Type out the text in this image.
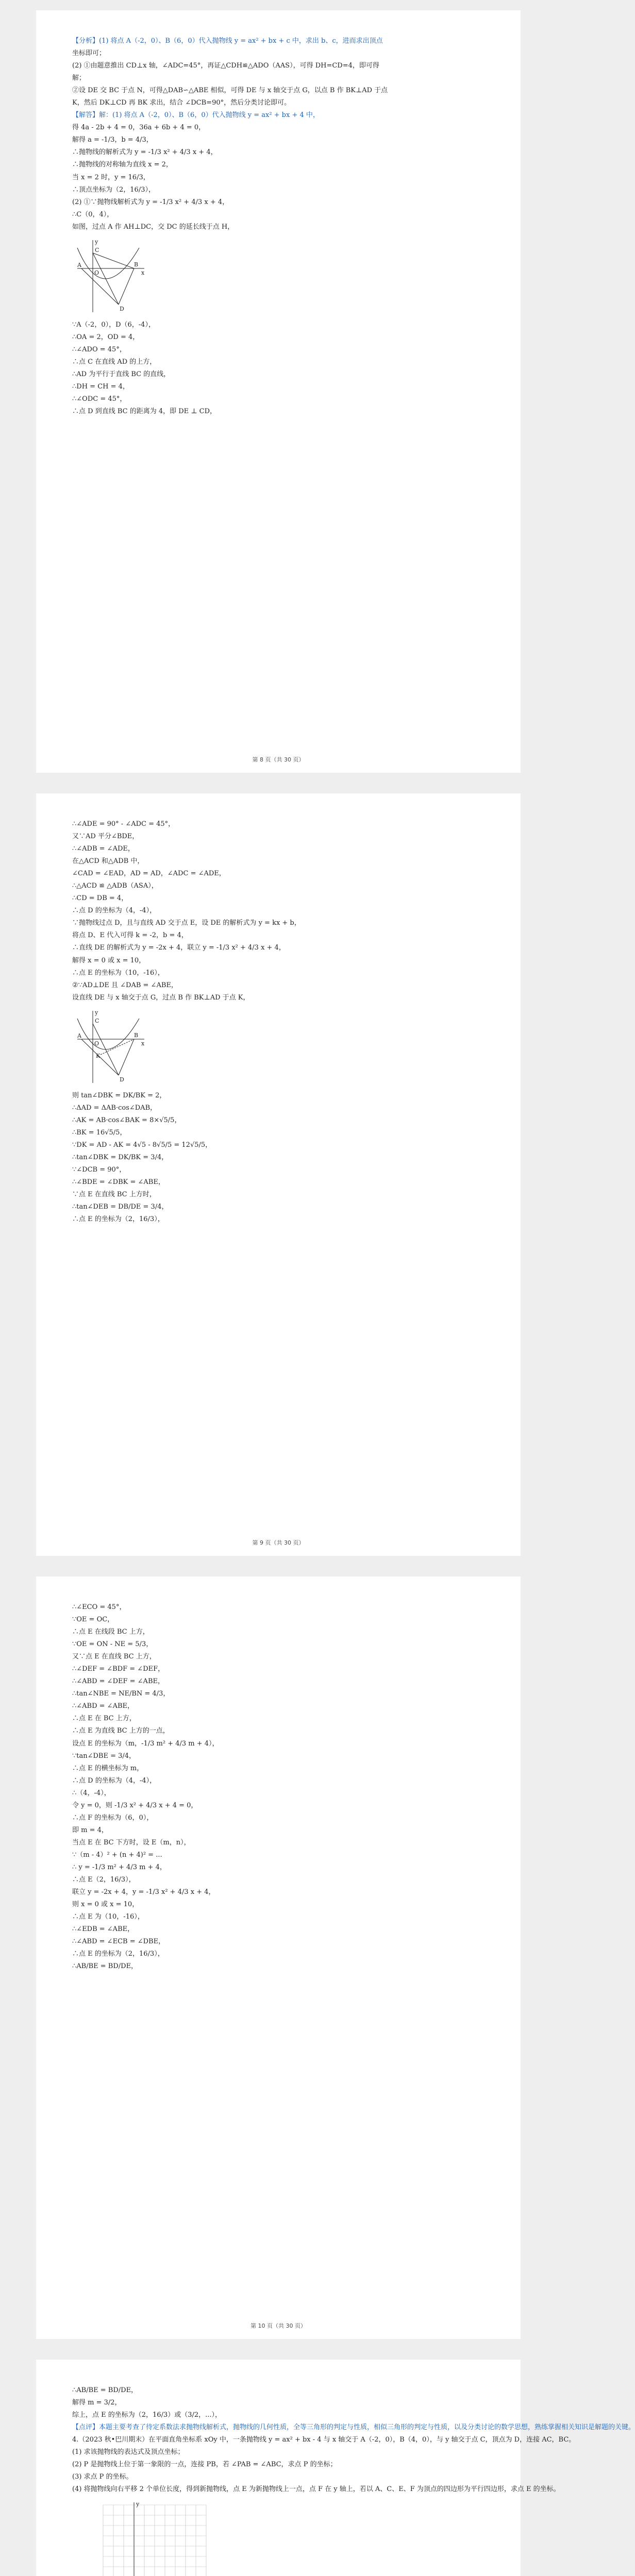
【分析】(1) 将点 A（-2，0）、B（6，0）代入抛物线 y = ax² + bx + c 中，求出 b、c，进而求出顶点
坐标即可；
(2) ①由题意推出 CD⊥x 轴，∠ADC=45°，再证△CDH≌△ADO（AAS），可得 DH=CD=4，即可得
解；
②设 DE 交 BC 于点 N，可得△DAB∽△ABE 相似，可得 DE 与 x 轴交于点 G，以点 B 作 BK⊥AD 于点
K，然后 DK⊥CD 再 BK 求出，结合 ∠DCB=90°，然后分类讨论即可。
【解答】解：(1) 将点 A（-2，0）、B（6，0）代入抛物线 y = ax² + bx + 4 中，
得 4a - 2b + 4 = 0，36a + 6b + 4 = 0，
解得 a = -1/3，b = 4/3，
∴抛物线的解析式为 y = -1/3 x² + 4/3 x + 4，
∴抛物线的对称轴为直线 x = 2，
当 x = 2 时，y = 16/3，
∴顶点坐标为（2，16/3），
(2) ①∵抛物线解析式为 y = -1/3 x² + 4/3 x + 4，
∴C（0，4），
如图，过点 A 作 AH⊥DC，交 DC 的延长线于点 H，
O
A	B
C
D
x
y
∵A（-2，0），D（6，-4），
∴OA = 2，OD = 4，
∴∠ADO = 45°，
∴点 C 在直线 AD 的上方，
∴AD 为平行于直线 BC 的直线，
∴DH = CH = 4，
∴∠ODC = 45°，
∴点 D 到直线 BC 的距离为 4，即 DE ⊥ CD，
第 8 页（共 30 页）
∴∠ADE = 90° - ∠ADC = 45°，
又∵AD 平分∠BDE，
∴∠ADB = ∠ADE，
在△ACD 和△ADB 中，
∠CAD = ∠EAD，AD = AD，∠ADC = ∠ADE，
∴△ACD ≌ △ADB（ASA），
∴CD = DB = 4，
∴点 D 的坐标为（4，-4），
∵抛物线过点 D，且与直线 AD 交于点 E，设 DE 的解析式为 y = kx + b，
将点 D、E 代入可得 k = -2，b = 4，
∴直线 DE 的解析式为 y = -2x + 4，联立 y = -1/3 x² + 4/3 x + 4，
解得 x = 0 或 x = 10，
∴点 E 的坐标为（10，-16），
②∵AD⊥DE 且 ∠DAB = ∠ABE，
设直线 DE 与 x 轴交于点 G，过点 B 作 BK⊥AD 于点 K，
O
A	B
C
D
K
x
y
则 tan∠DBK = DK/BK = 2，
∴ΔAD = ΔAB·cos∠DAB，
∴AK = AB·cos∠BAK = 8×√5/5，
∴BK = 16√5/5，
∵DK = AD - AK = 4√5 - 8√5/5 = 12√5/5，
∴tan∠DBK = DK/BK = 3/4，
∵∠DCB = 90°，
∴∠BDE = ∠DBK = ∠ABE，
∵点 E 在直线 BC 上方时，
∴tan∠DEB = DB/DE = 3/4，
∴点 E 的坐标为（2，16/3），
第 9 页（共 30 页）
∴∠ECO = 45°，
∵OE = OC，
∴点 E 在线段 BC 上方，
∵OE = ON - NE = 5/3，
又∵点 E 在直线 BC 上方，
∴∠DEF = ∠BDF = ∠DEF，
∴∠ABD = ∠DEF = ∠ABE，
∴tan∠NBE = NE/BN = 4/3，
∴∠ABD = ∠ABE，
∴点 E 在 BC 上方，
∴点 E 为直线 BC 上方的一点，
设点 E 的坐标为（m，-1/3 m² + 4/3 m + 4），
∵tan∠DBE = 3/4，
∴点 E 的横坐标为 m，
∴点 D 的坐标为（4，-4），
∴（4，-4），
令 y = 0，则 -1/3 x² + 4/3 x + 4 = 0，
∴点 F 的坐标为（6，0），
即 m = 4，
当点 E 在 BC 下方时，设 E（m，n），
∵（m - 4）² + (n + 4)² = ...
∴ y = -1/3 m² + 4/3 m + 4，
∴点 E（2，16/3），
联立 y = -2x + 4，y = -1/3 x² + 4/3 x + 4，
则 x = 0 或 x = 10，
∴点 E 为（10，-16），
∴∠EDB = ∠ABE，
∴∠ABD = ∠ECB = ∠DBE，
∴点 E 的坐标为（2，16/3），
∴AB/BE = BD/DE，
第 10 页（共 30 页）
∴AB/BE = BD/DE，
解得 m = 3/2，
综上，点 E 的坐标为（2，16/3）或（3/2，...），
【点评】本题主要考查了待定系数法求抛物线解析式，抛物线的几何性质，全等三角形的判定与性质，相似三角形的判定与性质，以及分类讨论的数学思想，熟练掌握相关知识是解题的关键。
4.（2023 秋•巴川期末）在平面直角坐标系 xOy 中，一条抛物线 y = ax² + bx - 4 与 x 轴交于 A（-2，0），B（4，0），与 y 轴交于点 C，顶点为 D，连接 AC，BC。
(1) 求该抛物线的表达式及顶点坐标；
(2) P 是抛物线上位于第一象限的一点，连接 PB，若 ∠PAB = ∠ABC，求点 P 的坐标；
(3) 求点 P 的坐标。
(4) 将抛物线向右平移 2 个单位长度，得到新抛物线，点 E 为新抛物线上一点，点 F 在 y 轴上，若以 A、C、E、F 为顶点的四边形为平行四边形，求点 E 的坐标。
y
